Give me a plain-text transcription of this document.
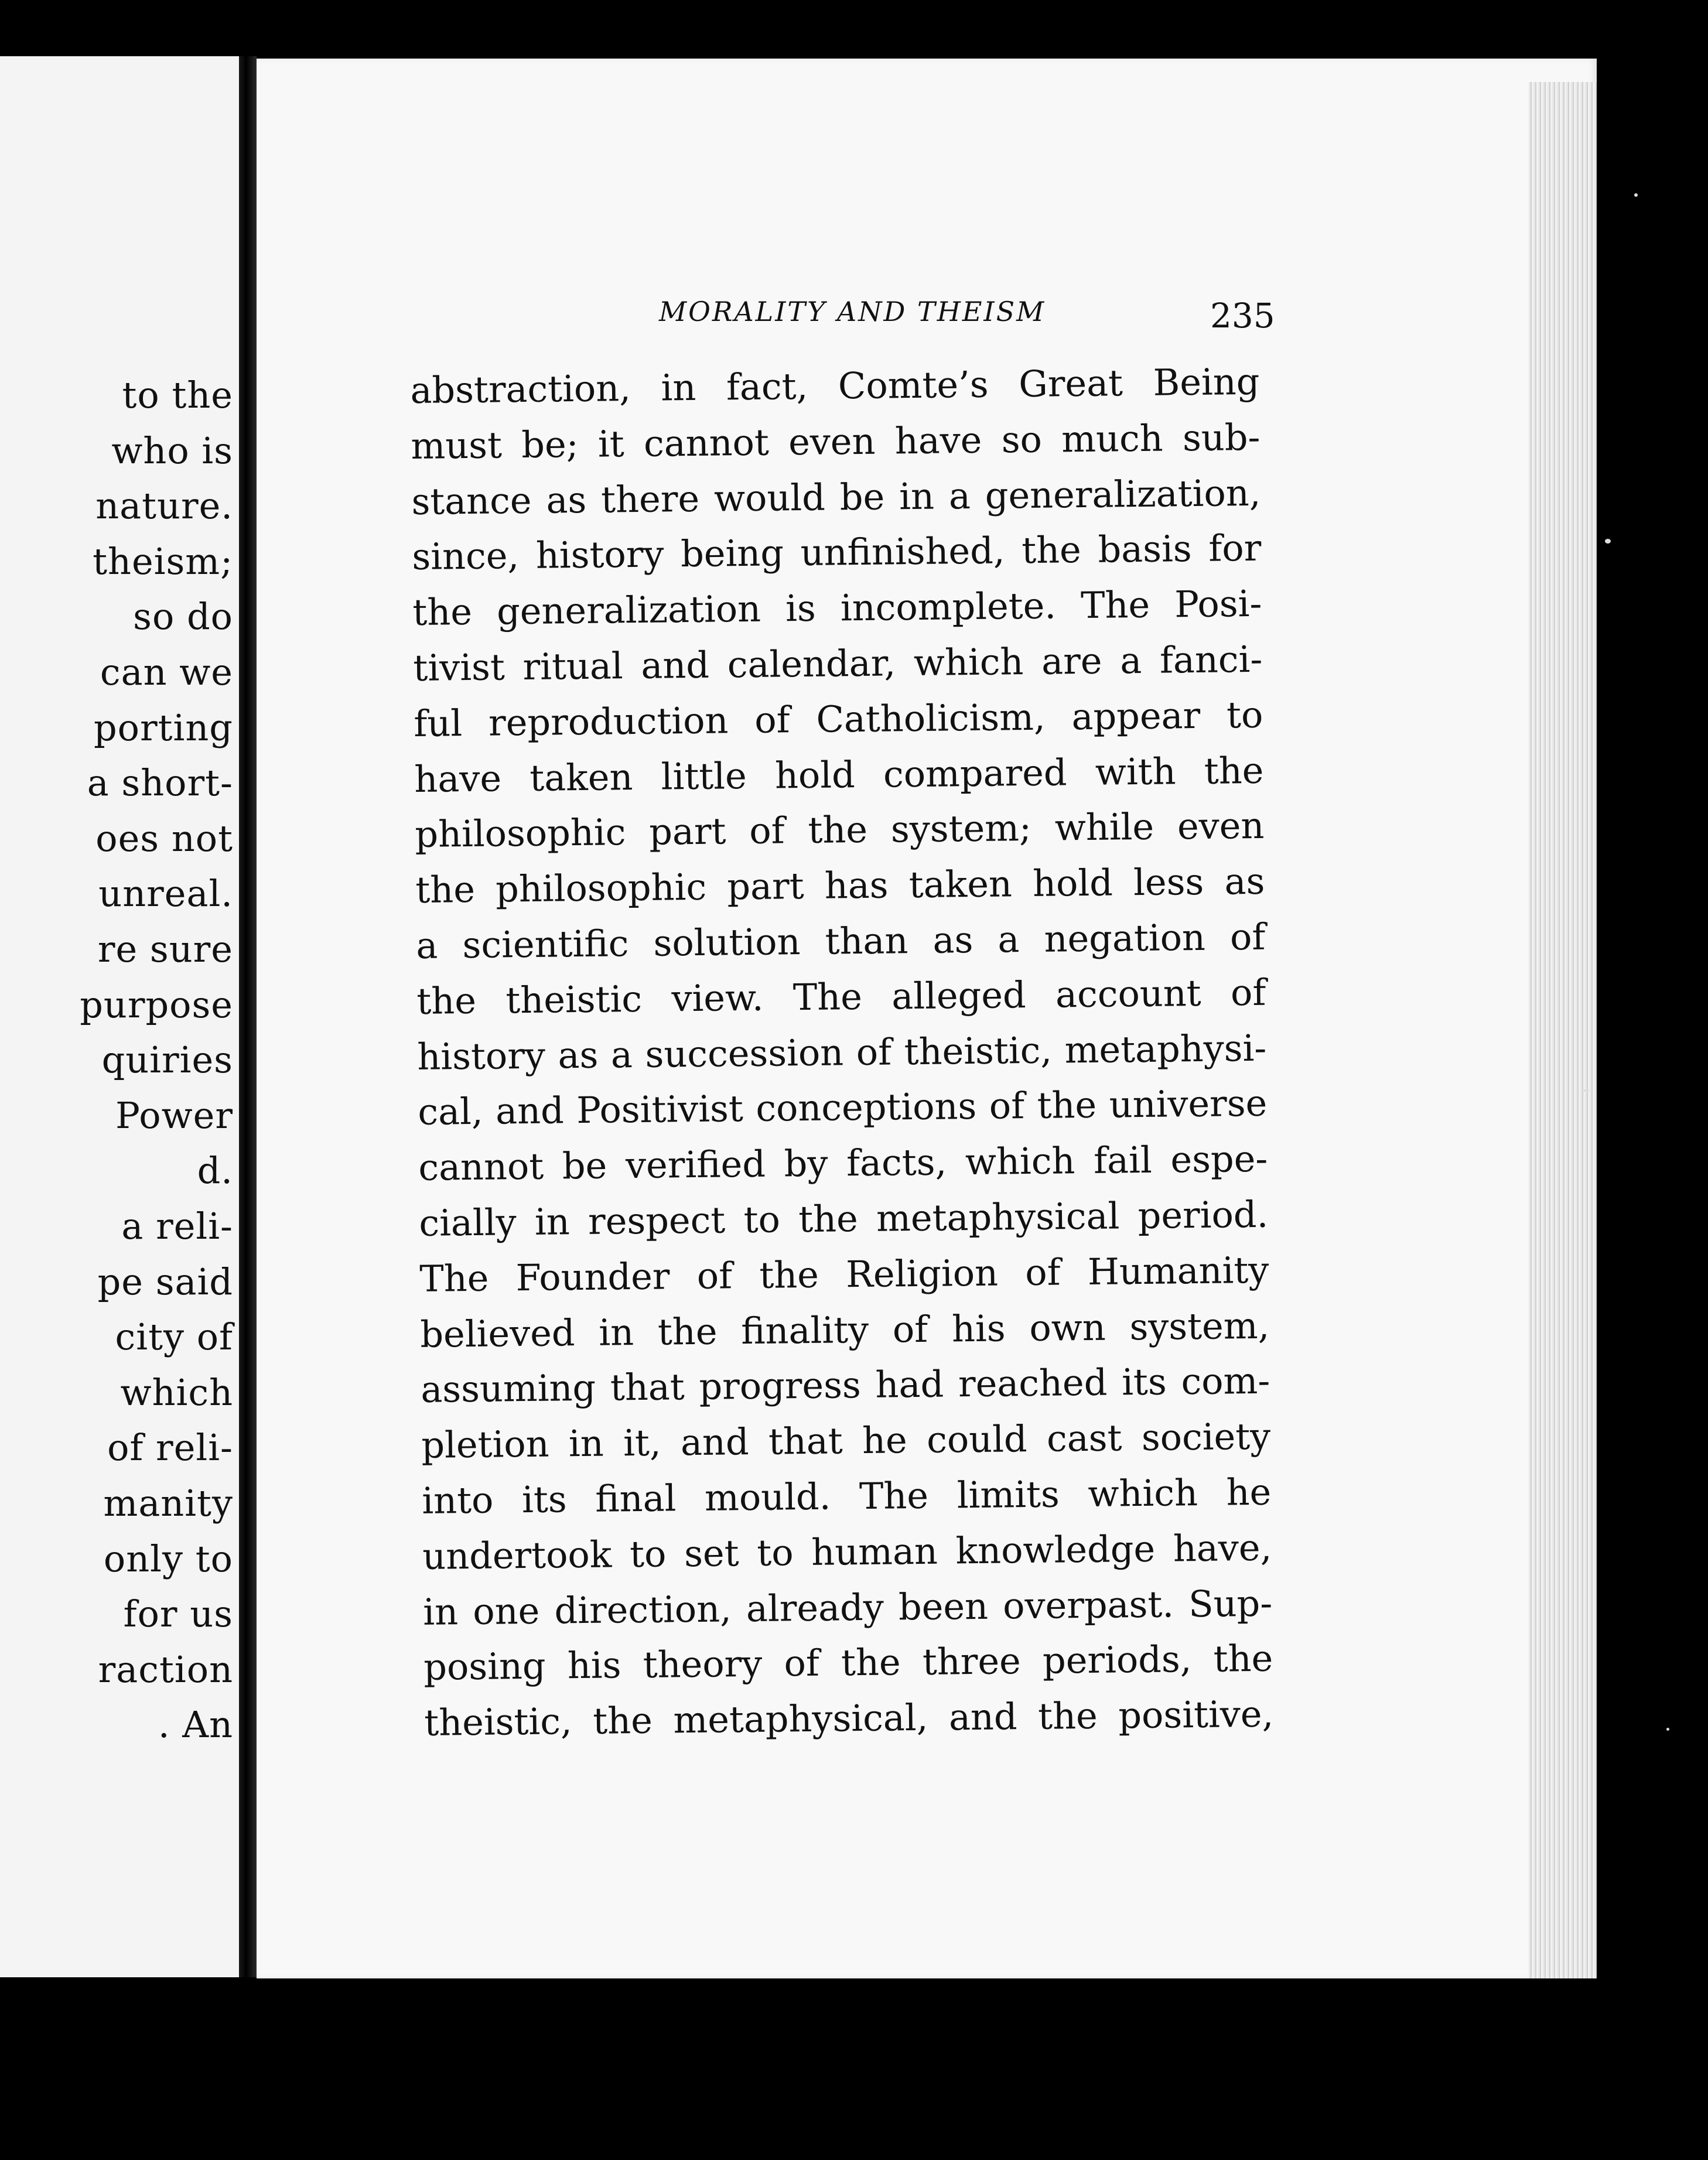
to the
who is
nature.
theism;
so do
can we
porting
a short-
oes not
unreal.
re sure
purpose
quiries
Power
d.
a reli-
pe said
city of
which
of reli-
manity
only to
for us
raction
. An
MORALITY AND THEISM	235
abstraction, in fact, Comte’s Great Being
must be; it cannot even have so much sub-
stance as there would be in a generalization,
since, history being unfinished, the basis for
the generalization is incomplete. The Posi-
tivist ritual and calendar, which are a fanci-
ful reproduction of Catholicism, appear to
have taken little hold compared with the
philosophic part of the system; while even
the philosophic part has taken hold less as
a scientific solution than as a negation of
the theistic view. The alleged account of
history as a succession of theistic, metaphysi-
cal, and Positivist conceptions of the universe
cannot be verified by facts, which fail espe-
cially in respect to the metaphysical period.
The Founder of the Religion of Humanity
believed in the finality of his own system,
assuming that progress had reached its com-
pletion in it, and that he could cast society
into its final mould. The limits which he
undertook to set to human knowledge have,
in one direction, already been overpast. Sup-
posing his theory of the three periods, the
theistic, the metaphysical, and the positive,
